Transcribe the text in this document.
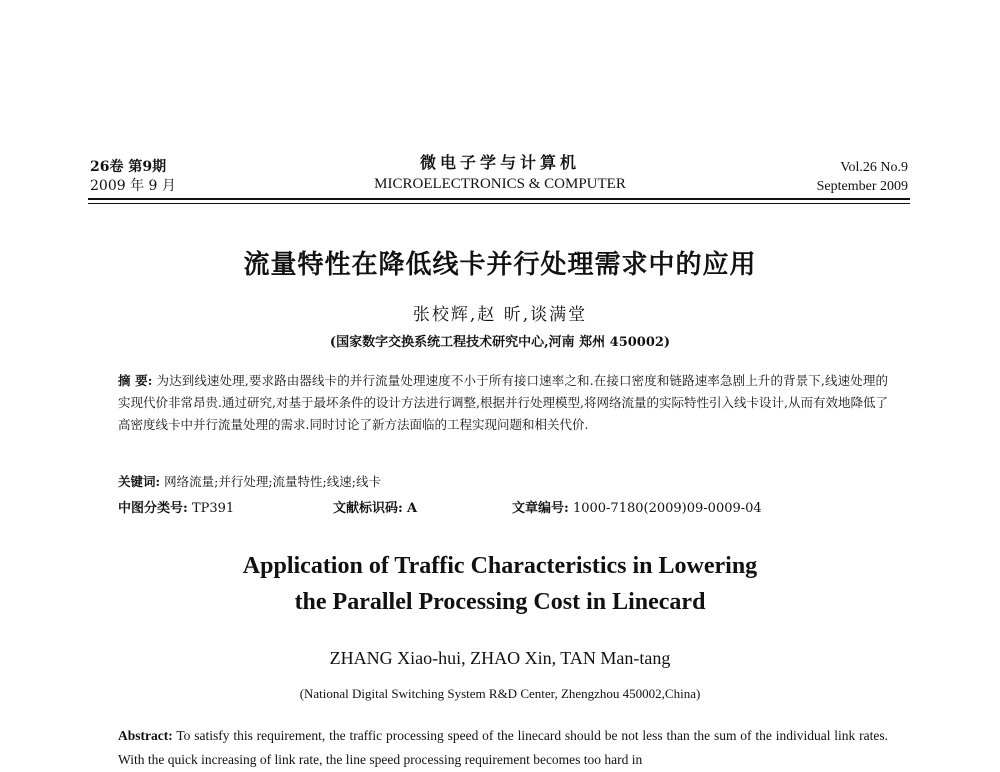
26卷 第9期
2009 年 9 月
微电子学与计算机
MICROELECTRONICS & COMPUTER
Vol.26 No.9
September 2009
流量特性在降低线卡并行处理需求中的应用
张校辉,赵 昕,谈满堂
(国家数字交换系统工程技术研究中心,河南 郑州 450002)
摘 要: 为达到线速处理,要求路由器线卡的并行流量处理速度不小于所有接口速率之和.在接口密度和链路速率急剧上升的背景下,线速处理的实现代价非常昂贵.通过研究,对基于最坏条件的设计方法进行调整,根据并行处理模型,将网络流量的实际特性引入线卡设计,从而有效地降低了高密度线卡中并行流量处理的需求.同时讨论了新方法面临的工程实现问题和相关代价.
关键词: 网络流量;并行处理;流量特性;线速;线卡
中图分类号: TP391	文献标识码: A	文章编号: 1000-7180(2009)09-0009-04
Application of Traffic Characteristics in Lowering
the Parallel Processing Cost in Linecard
ZHANG Xiao-hui, ZHAO Xin, TAN Man-tang
(National Digital Switching System R&D Center, Zhengzhou 450002,China)
Abstract: To satisfy this requirement, the traffic processing speed of the linecard should be not less than the sum of the individual link rates. With the quick increasing of link rate, the line speed processing requirement becomes too hard in
